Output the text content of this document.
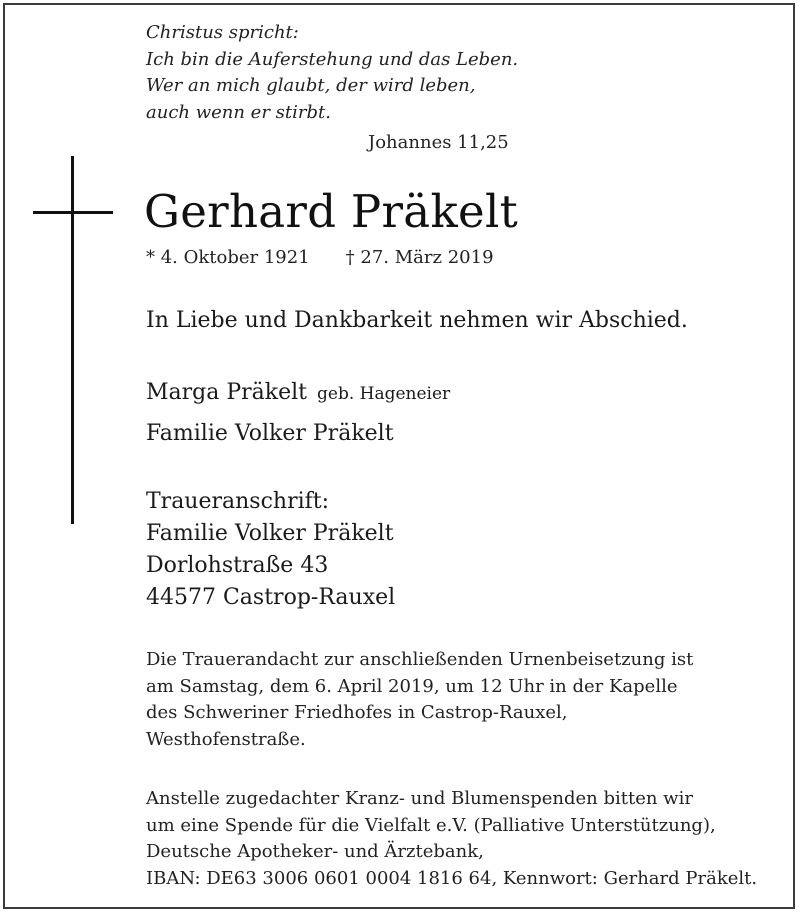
Christus spricht:
Ich bin die Auferstehung und das Leben.
Wer an mich glaubt, der wird leben,
auch wenn er stirbt.
Johannes 11,25
Gerhard Präkelt
* 4. Oktober 1921 † 27. März 2019
In Liebe und Dankbarkeit nehmen wir Abschied.
Marga Präkelt geb. Hageneier
Familie Volker Präkelt
Traueranschrift:
Familie Volker Präkelt
Dorlohstraße 43
44577 Castrop-Rauxel
Die Trauerandacht zur anschließenden Urnenbeisetzung ist
am Samstag, dem 6. April 2019, um 12 Uhr in der Kapelle
des Schweriner Friedhofes in Castrop-Rauxel,
Westhofenstraße.
Anstelle zugedachter Kranz- und Blumenspenden bitten wir
um eine Spende für die Vielfalt e.V. (Palliative Unterstützung),
Deutsche Apotheker- und Ärztebank,
IBAN: DE63 3006 0601 0004 1816 64, Kennwort: Gerhard Präkelt.
